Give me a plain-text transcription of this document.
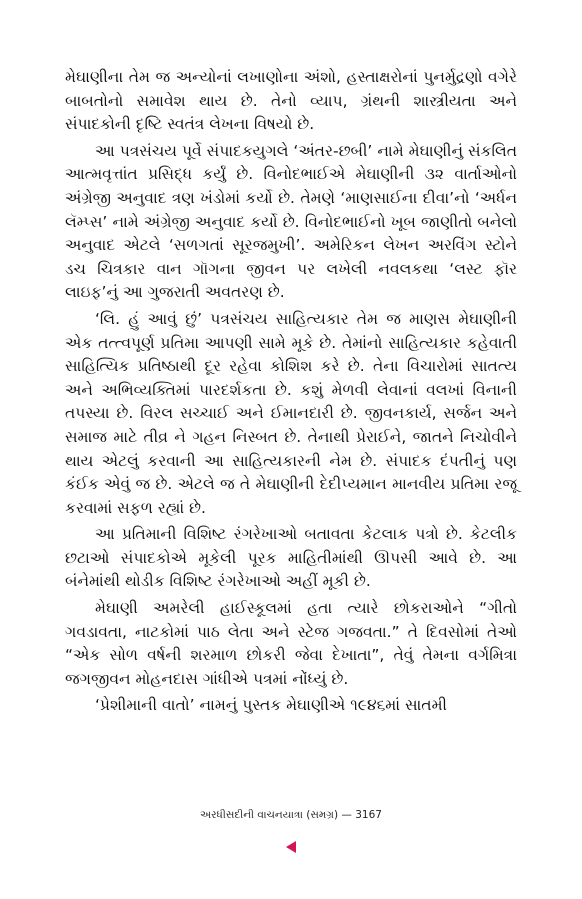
મેઘાણીના તેમ જ અન્યોનાં લખાણોના અંશો, હસ્તાક્ષરોનાં પુનર્મુદ્રણો વગેરે બાબતોનો સમાવેશ થાય છે. તેનો વ્યાપ, ગ્રંથની શાસ્ત્રીયતા અને સંપાદકોની દૃષ્ટિ સ્વતંત્ર લેખના વિષયો છે.

આ પત્રસંચય પૂર્વે સંપાદકયુગલે ‘અંતર-છબી’ નામે મેઘાણીનું સંકલિત આત્મવૃત્તાંત પ્રસિદ્ધ કર્યું છે. વિનોદભાઈએ મેઘાણીની ૩૨ વાર્તાઓનો અંગ્રેજી અનુવાદ ત્રણ ખંડોમાં કર્યો છે. તેમણે ‘માણસાઈના દીવા’નો ‘અર્ધન લૅમ્પ્સ’ નામે અંગ્રેજી અનુવાદ કર્યો છે. વિનોદભાઈનો ખૂબ જાણીતો બનેલો અનુવાદ એટલે ‘સળગતાં સૂરજમુખી’. અમેરિકન લેખન અરવિંગ સ્ટોને ડચ ચિત્રકાર વાન ગૉગના જીવન પર લખેલી નવલકથા ‘લસ્ટ ફૉર લાઇફ’નું આ ગુજરાતી અવતરણ છે.

‘લિ. હું આવું છું’ પત્રસંચય સાહિત્યકાર તેમ જ માણસ મેઘાણીની એક તત્ત્વપૂર્ણ પ્રતિમા આપણી સામે મૂકે છે. તેમાંનો સાહિત્યકાર કહેવાતી સાહિત્યિક પ્રતિષ્ઠાથી દૂર રહેવા કોશિશ કરે છે. તેના વિચારોમાં સાતત્ય અને અભિવ્યક્તિમાં પારદર્શકતા છે. કશું મેળવી લેવાનાં વલખાં વિનાની તપસ્યા છે. વિરલ સચ્ચાઈ અને ઈમાનદારી છે. જીવનકાર્ય, સર્જન અને સમાજ માટે તીવ્ર ને ગહન નિસ્બત છે. તેનાથી પ્રેરાઈને, જાતને નિચોવીને થાય એટલું કરવાની આ સાહિત્યકારની નેમ છે. સંપાદક દંપતીનું પણ કંઈક એવું જ છે. એટલે જ તે મેઘાણીની દેદીપ્યમાન માનવીય પ્રતિમા રજૂ કરવામાં સફળ રહ્યાં છે.

આ પ્રતિમાની વિશિષ્ટ રંગરેખાઓ બતાવતા કેટલાક પત્રો છે. કેટલીક છટાઓ સંપાદકોએ મૂકેલી પૂરક માહિતીમાંથી ઊપસી આવે છે. આ બંનેમાંથી થોડીક વિશિષ્ટ રંગરેખાઓ અહીં મૂકી છે.

મેઘાણી અમરેલી હાઈસ્કૂલમાં હતા ત્યારે છોકરાઓને “ગીતો ગવડાવતા, નાટકોમાં પાઠ લેતા અને સ્ટેજ ગજવતા.” તે દિવસોમાં તેઓ “એક સોળ વર્ષની શરમાળ છોકરી જેવા દેખાતા”, તેવું તેમના વર્ગમિત્રા જગજીવન મોહનદાસ ગાંધીએ પત્રમાં નોંધ્યું છે.

‘પ્રેશીમાની વાતો’ નામનું પુસ્તક મેઘાણીએ ૧૯૪૬માં સાતમી

અરધીસદીની વાચનયાત્રા (સમગ્ર) — 3167
